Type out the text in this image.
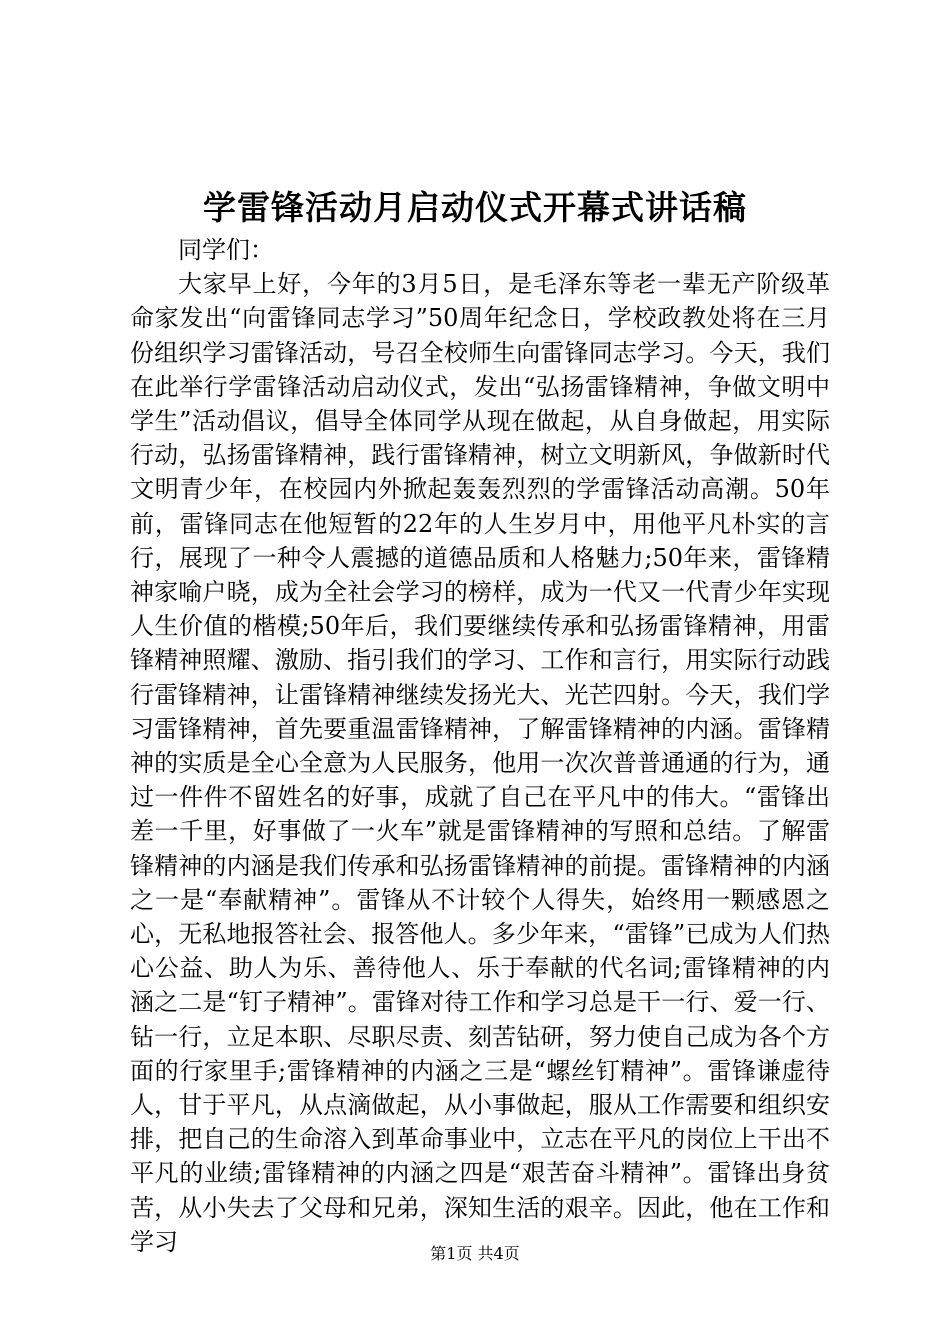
学雷锋活动月启动仪式开幕式讲话稿

同学们：

大家早上好，今年的3月5日，是毛泽东等老一辈无产阶级革命家发出“向雷锋同志学习”50周年纪念日，学校政教处将在三月份组织学习雷锋活动，号召全校师生向雷锋同志学习。今天，我们在此举行学雷锋活动启动仪式，发出“弘扬雷锋精神，争做文明中学生”活动倡议，倡导全体同学从现在做起，从自身做起，用实际行动，弘扬雷锋精神，践行雷锋精神，树立文明新风，争做新时代文明青少年，在校园内外掀起轰轰烈烈的学雷锋活动高潮。50年前，雷锋同志在他短暂的22年的人生岁月中，用他平凡朴实的言行，展现了一种令人震撼的道德品质和人格魅力;50年来，雷锋精神家喻户晓，成为全社会学习的榜样，成为一代又一代青少年实现人生价值的楷模;50年后，我们要继续传承和弘扬雷锋精神，用雷锋精神照耀、激励、指引我们的学习、工作和言行，用实际行动践行雷锋精神，让雷锋精神继续发扬光大、光芒四射。今天，我们学习雷锋精神，首先要重温雷锋精神，了解雷锋精神的内涵。雷锋精神的实质是全心全意为人民服务，他用一次次普普通通的行为，通过一件件不留姓名的好事，成就了自己在平凡中的伟大。“雷锋出差一千里，好事做了一火车”就是雷锋精神的写照和总结。了解雷锋精神的内涵是我们传承和弘扬雷锋精神的前提。雷锋精神的内涵之一是“奉献精神”。雷锋从不计较个人得失，始终用一颗感恩之心，无私地报答社会、报答他人。多少年来，“雷锋”已成为人们热心公益、助人为乐、善待他人、乐于奉献的代名词;雷锋精神的内涵之二是“钉子精神”。雷锋对待工作和学习总是干一行、爱一行、钻一行，立足本职、尽职尽责、刻苦钻研，努力使自己成为各个方面的行家里手;雷锋精神的内涵之三是“螺丝钉精神”。雷锋谦虚待人，甘于平凡，从点滴做起，从小事做起，服从工作需要和组织安排，把自己的生命溶入到革命事业中，立志在平凡的岗位上干出不平凡的业绩;雷锋精神的内涵之四是“艰苦奋斗精神”。雷锋出身贫苦，从小失去了父母和兄弟，深知生活的艰辛。因此，他在工作和学习	第1页 共4页
